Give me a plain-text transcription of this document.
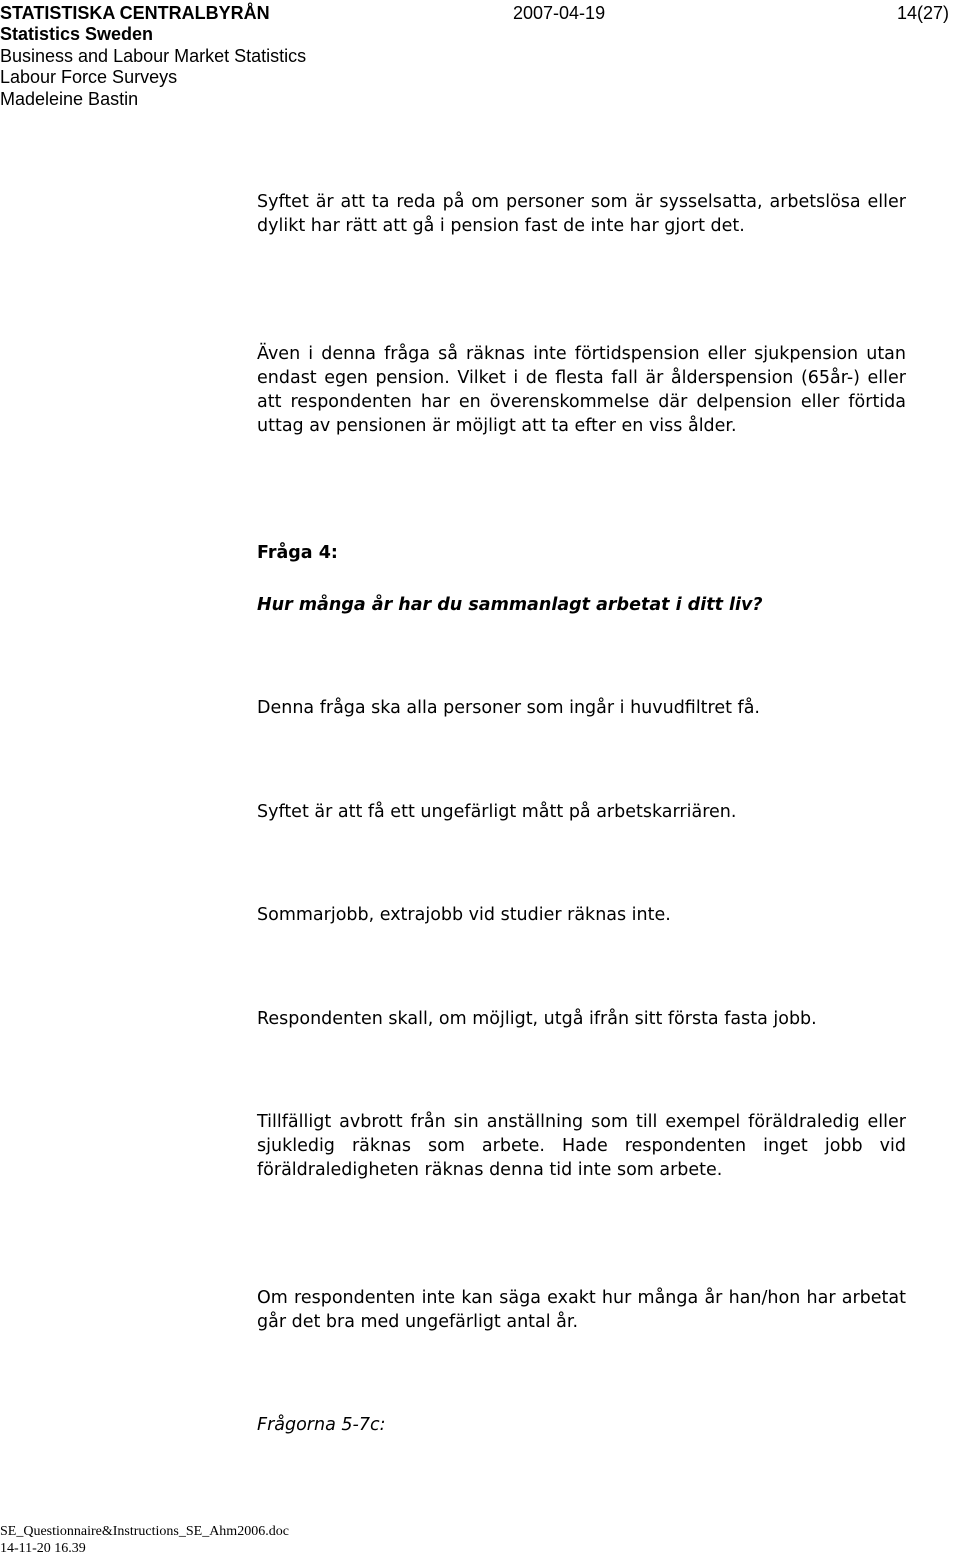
STATISTISKA CENTRALBYRÅN	2007-04-19	14(27)
Statistics Sweden
Business and Labour Market Statistics
Labour Force Surveys
Madeleine Bastin
Syftet är att ta reda på om personer som är sysselsatta, arbetslösa eller dylikt har rätt att gå i pension fast de inte har gjort det.
Även i denna fråga så räknas inte förtidspension eller sjukpension utan endast egen pension. Vilket i de flesta fall är ålderspension (65år-) eller att respondenten har en överenskommelse där delpension eller förtida uttag av pensionen är möjligt att ta efter en viss ålder.
Fråga 4:
Hur många år har du sammanlagt arbetat i ditt liv?
Denna fråga ska alla personer som ingår i huvudfiltret få.
Syftet är att få ett ungefärligt mått på arbetskarriären.
Sommarjobb, extrajobb vid studier räknas inte.
Respondenten skall, om möjligt, utgå ifrån sitt första fasta jobb.
Tillfälligt avbrott från sin anställning som till exempel föräldraledig eller sjukledig räknas som arbete. Hade respondenten inget jobb vid föräldraledigheten räknas denna tid inte som arbete.
Om respondenten inte kan säga exakt hur många år han/hon har arbetat går det bra med ungefärligt antal år.
Frågorna 5-7c:
SE_Questionnaire&Instructions_SE_Ahm2006.doc
14-11-20 16.39
